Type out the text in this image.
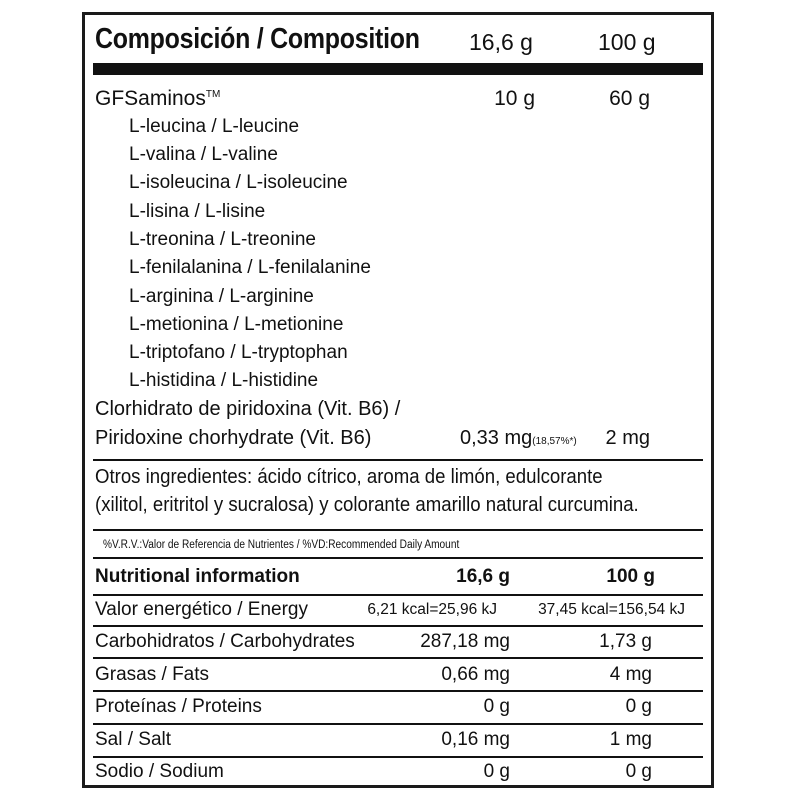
Composición / Composition 16,6 g	100 g
GFSaminos™	10 g	60 g
L-leucina / L-leucine
L-valina / L-valine
L-isoleucina / L-isoleucine
L-lisina / L-lisine
L-treonina / L-treonine
L-fenilalanina / L-fenilalanine
L-arginina / L-arginine
L-metionina / L-metionine
L-triptofano / L-tryptophan
L-histidina / L-histidine
Clorhidrato de piridoxina (Vit. B6) /
Piridoxine chorhydrate (Vit. B6)	0,33 mg(18,57%*)	2 mg
Otros ingredientes: ácido cítrico, aroma de limón, edulcorante
(xilitol, eritritol y sucralosa) y colorante amarillo natural curcumina.
%V.R.V.:Valor de Referencia de Nutrientes / %VD:Recommended Daily Amount
Nutritional information	16,6 g	100 g
Valor energético / Energy	6,21 kcal=25,96 kJ	37,45 kcal=156,54 kJ
Carbohidratos / Carbohydrates	287,18 mg	1,73 g
Grasas / Fats	0,66 mg	4 mg
Proteínas / Proteins	0 g	0 g
Sal / Salt	0,16 mg	1 mg
Sodio / Sodium	0 g	0 g
